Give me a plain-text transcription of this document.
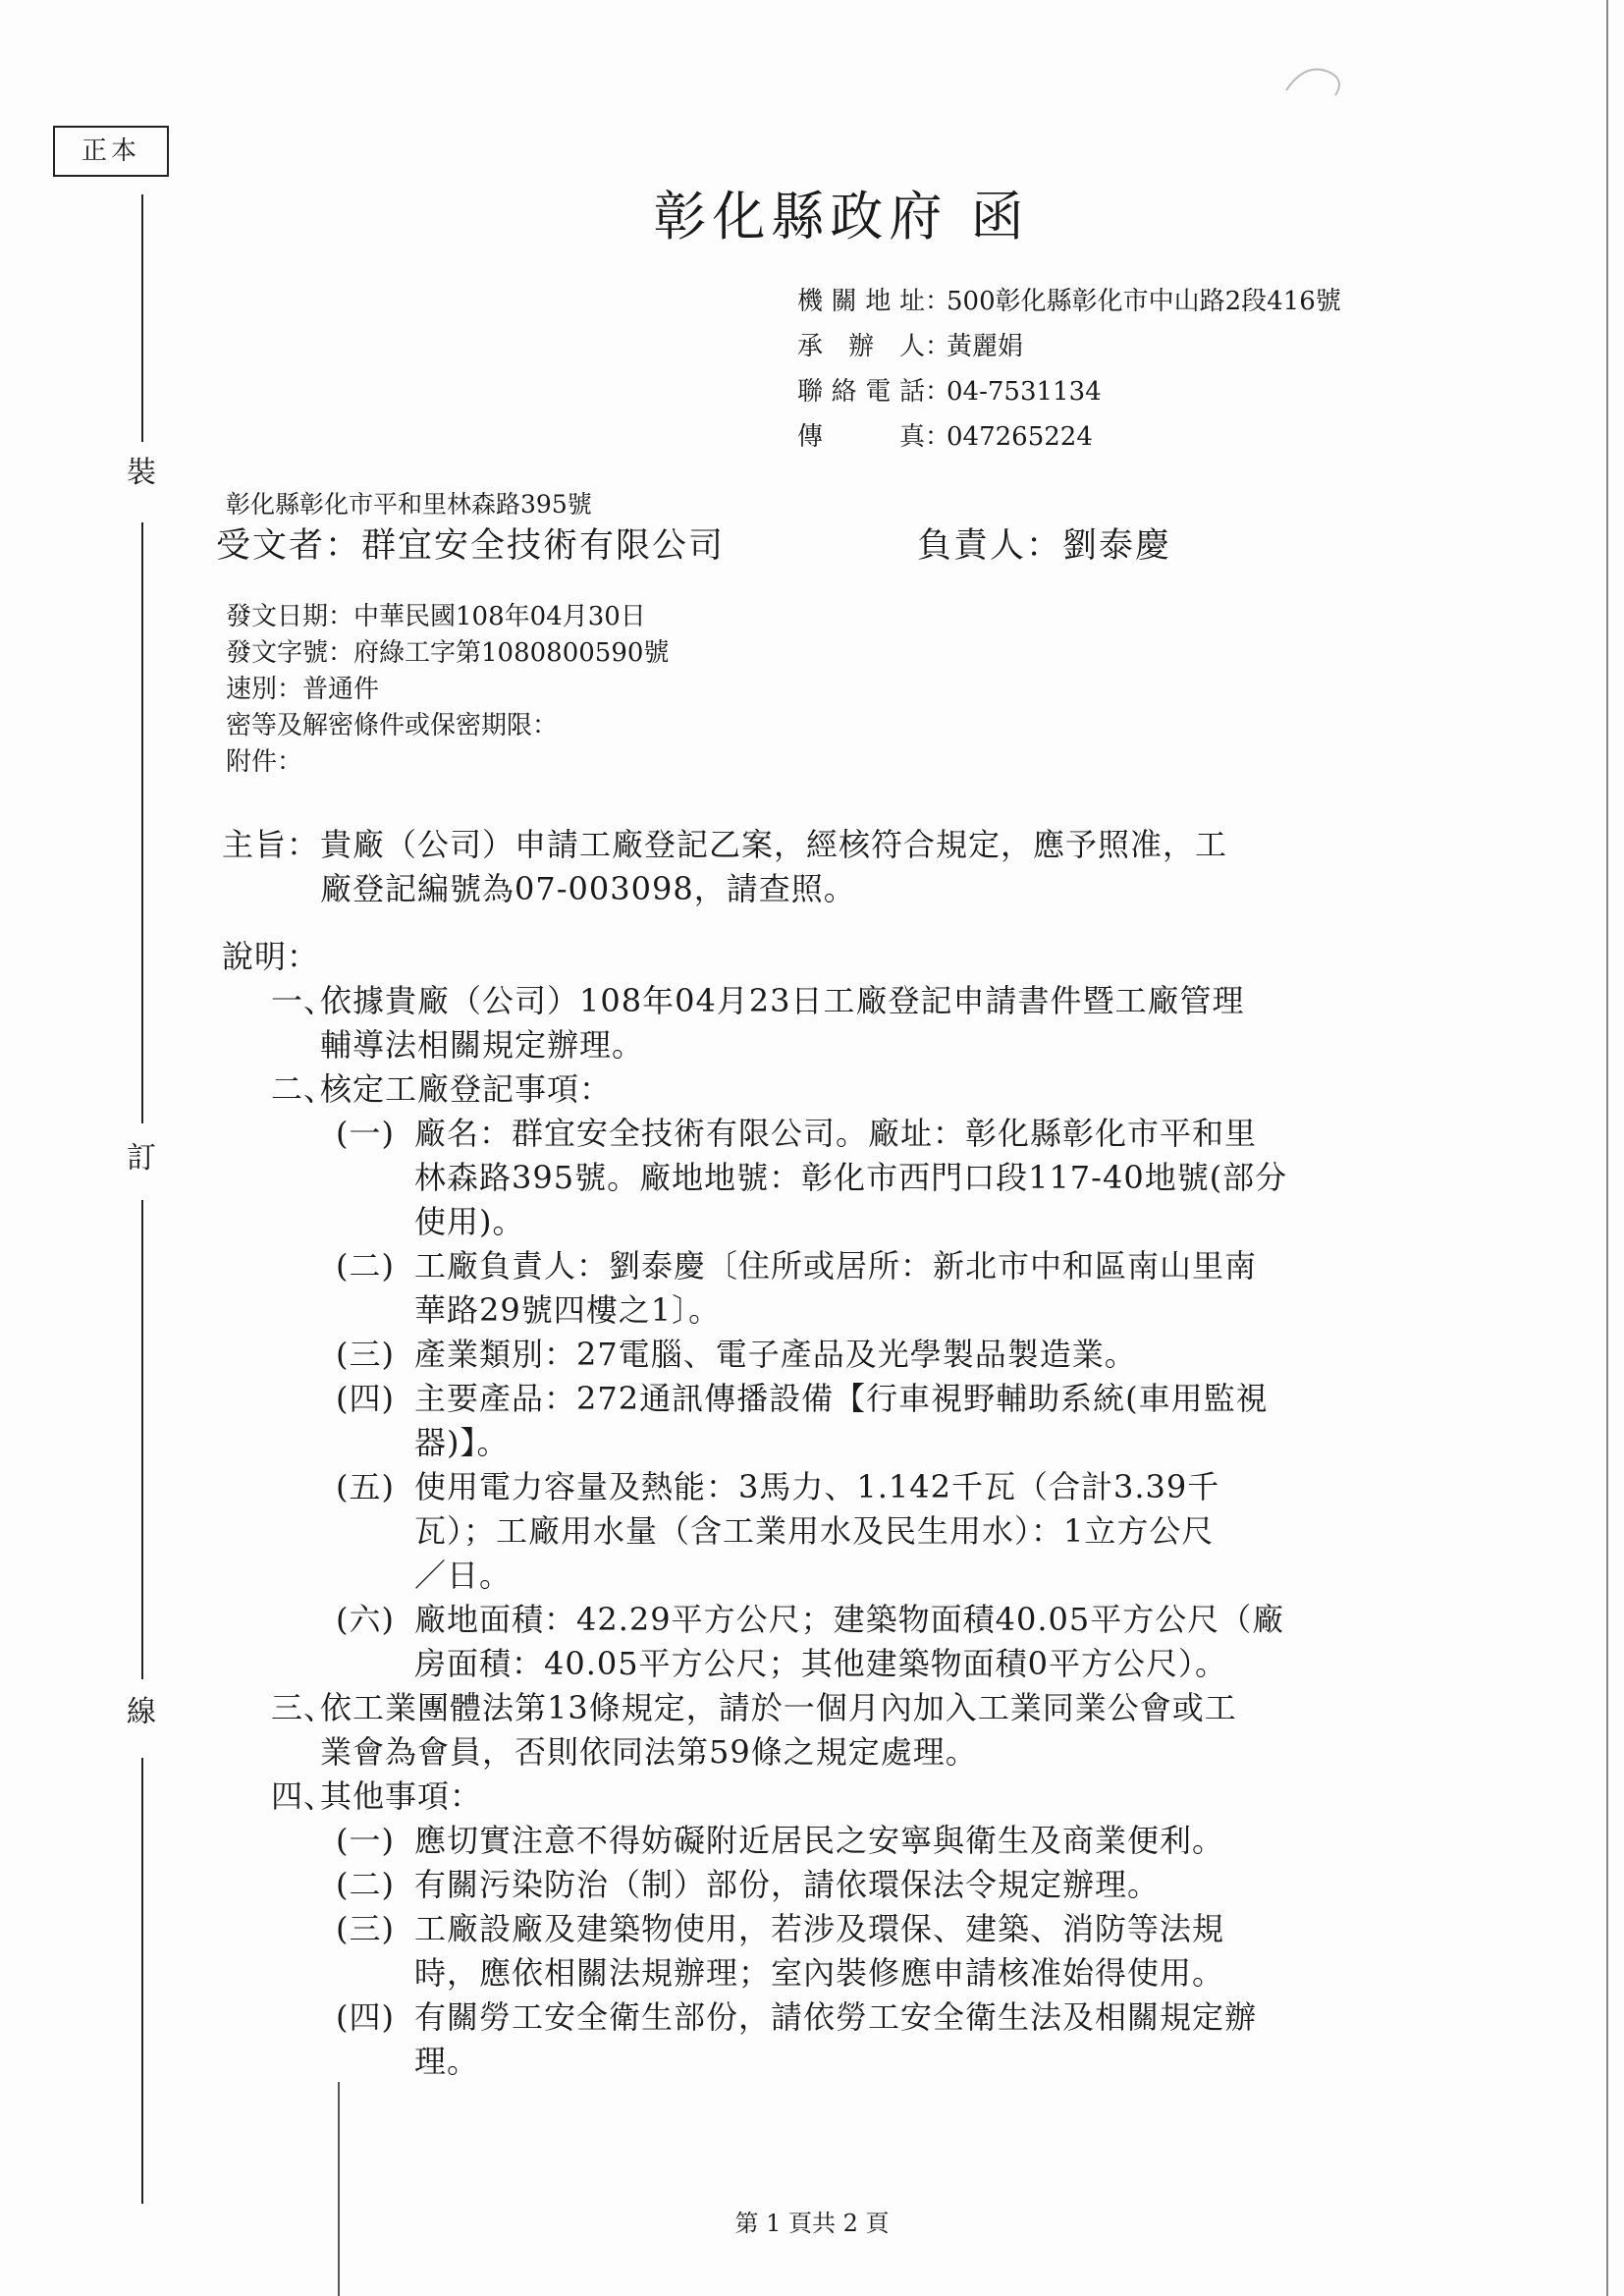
正本
裝
訂
線
彰化縣政府 函
機關地址：500彰化縣彰化市中山路2段416號
承辦人：黃麗娟
聯絡電話：04-7531134
傳真：047265224
彰化縣彰化市平和里林森路395號
受文者：群宜安全技術有限公司	負責人：劉泰慶
發文日期：中華民國108年04月30日
發文字號：府綠工字第1080800590號
速別：普通件
密等及解密條件或保密期限：
附件：
主旨： 貴廠（公司）申請工廠登記乙案，經核符合規定，應予照准，工
廠登記編號為07-003098，請查照。
說明：
一、
依據貴廠（公司）108年04月23日工廠登記申請書件暨工廠管理
輔導法相關規定辦理。
二、
核定工廠登記事項：
(一) 廠名：群宜安全技術有限公司。廠址：彰化縣彰化市平和里
林森路395號。廠地地號：彰化市西門口段117-40地號(部分
使用)。
(二) 工廠負責人：劉泰慶〔住所或居所：新北市中和區南山里南
華路29號四樓之1〕。
(三) 產業類別：27電腦、電子產品及光學製品製造業。
(四) 主要產品：272通訊傳播設備【行車視野輔助系統(車用監視
器)】。
(五) 使用電力容量及熱能：3馬力、1.142千瓦（合計3.39千
瓦）；工廠用水量（含工業用水及民生用水）：1立方公尺
／日。
(六) 廠地面積：42.29平方公尺；建築物面積40.05平方公尺（廠
房面積：40.05平方公尺；其他建築物面積0平方公尺）。
三、
依工業團體法第13條規定，請於一個月內加入工業同業公會或工
業會為會員，否則依同法第59條之規定處理。
四、
其他事項：
(一) 應切實注意不得妨礙附近居民之安寧與衛生及商業便利。
(二) 有關污染防治（制）部份，請依環保法令規定辦理。
(三) 工廠設廠及建築物使用，若涉及環保、建築、消防等法規
時，應依相關法規辦理；室內裝修應申請核准始得使用。
(四) 有關勞工安全衛生部份，請依勞工安全衛生法及相關規定辦
理。
第 1 頁共 2 頁
